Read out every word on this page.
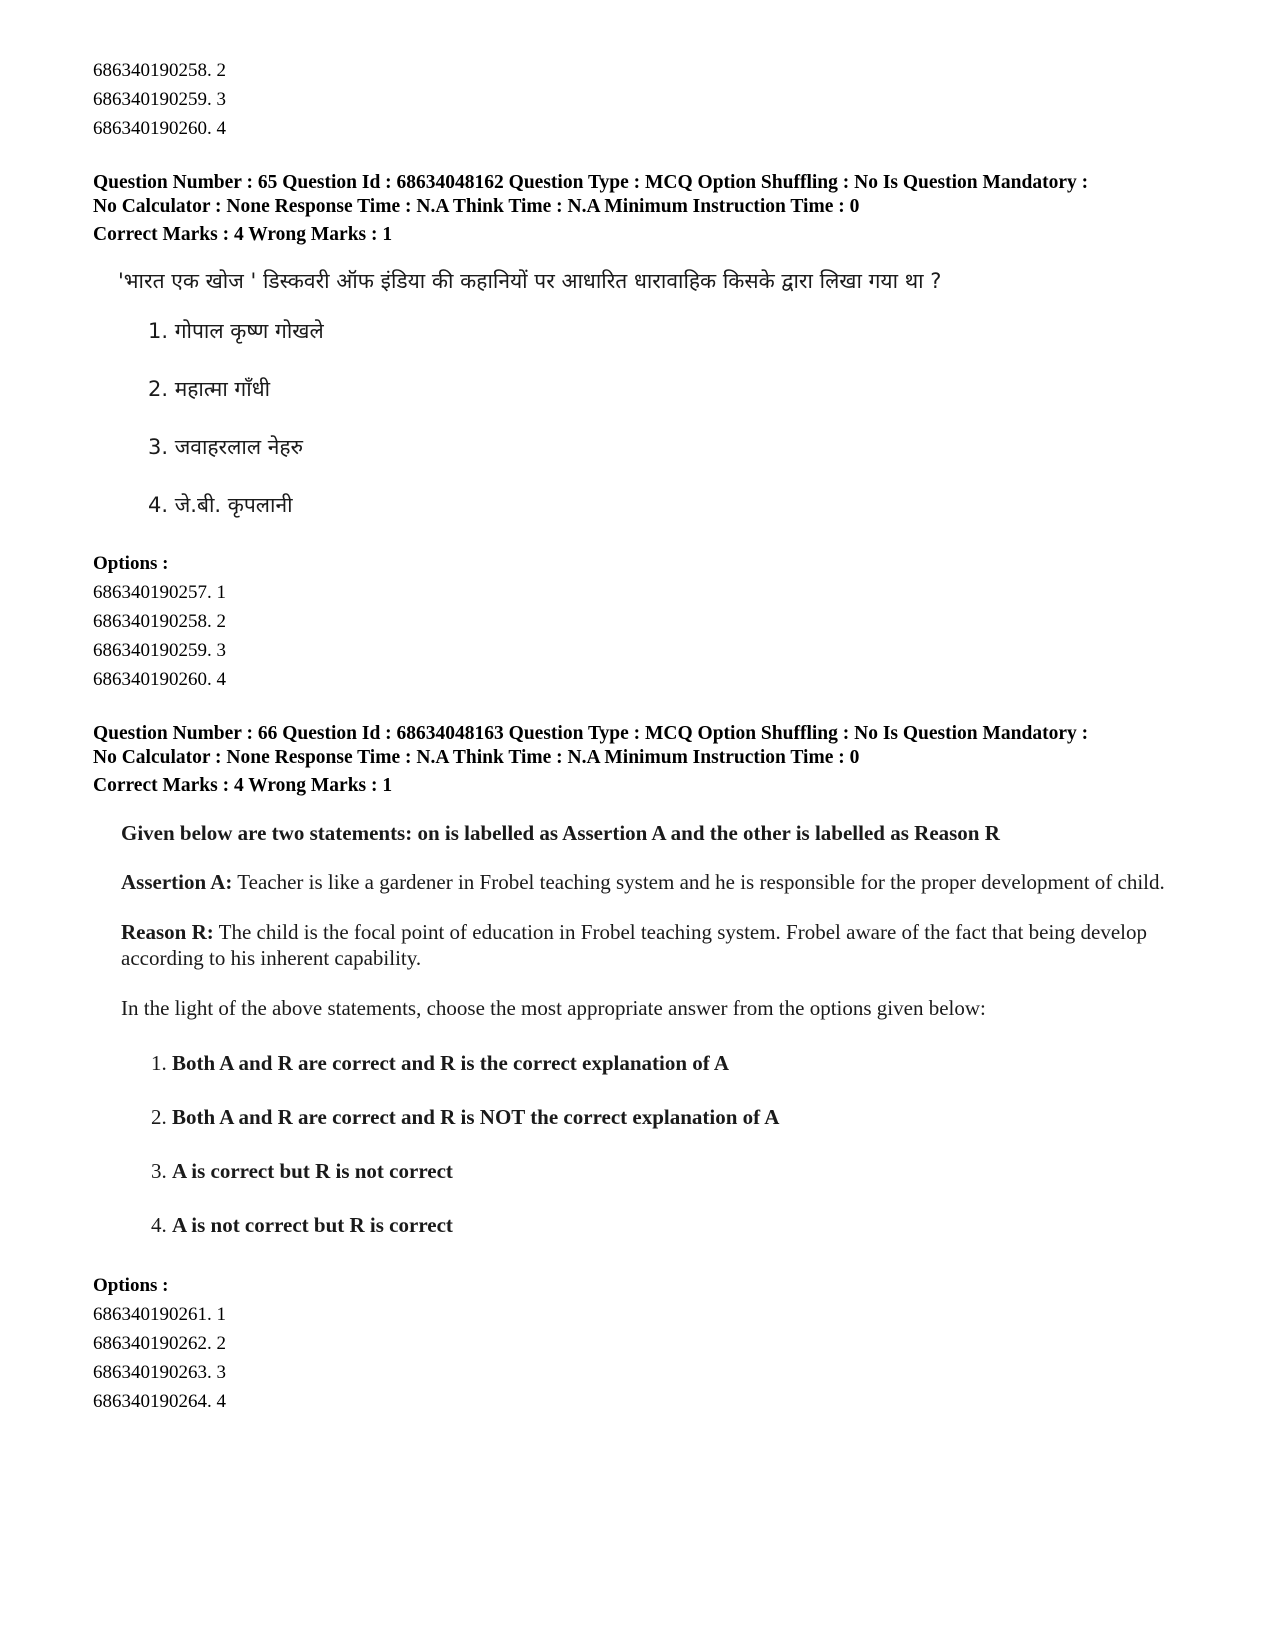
686340190258. 2
686340190259. 3
686340190260. 4
Question Number : 65 Question Id : 68634048162 Question Type : MCQ Option Shuffling : No Is Question Mandatory :
No Calculator : None Response Time : N.A Think Time : N.A Minimum Instruction Time : 0
Correct Marks : 4 Wrong Marks : 1
'भारत एक खोज ' डिस्कवरी ऑफ इंडिया की कहानियों पर आधारित धारावाहिक किसके द्वारा लिखा गया था ?
1. गोपाल कृष्ण गोखले
2. महात्मा गाँधी
3. जवाहरलाल नेहरु
4. जे.बी. कृपलानी
Options :
686340190257. 1
686340190258. 2
686340190259. 3
686340190260. 4
Question Number : 66 Question Id : 68634048163 Question Type : MCQ Option Shuffling : No Is Question Mandatory :
No Calculator : None Response Time : N.A Think Time : N.A Minimum Instruction Time : 0
Correct Marks : 4 Wrong Marks : 1
Given below are two statements: on is labelled as Assertion A and the other is labelled as Reason R

Assertion A: Teacher is like a gardener in Frobel teaching system and he is responsible for the proper development of child.

Reason R: The child is the focal point of education in Frobel teaching system. Frobel aware of the fact that being develop according to his inherent capability.

In the light of the above statements, choose the most appropriate answer from the options given below:

1. Both A and R are correct and R is the correct explanation of A
2. Both A and R are correct and R is NOT the correct explanation of A
3. A is correct but R is not correct
4. A is not correct but R is correct
Options :
686340190261. 1
686340190262. 2
686340190263. 3
686340190264. 4
